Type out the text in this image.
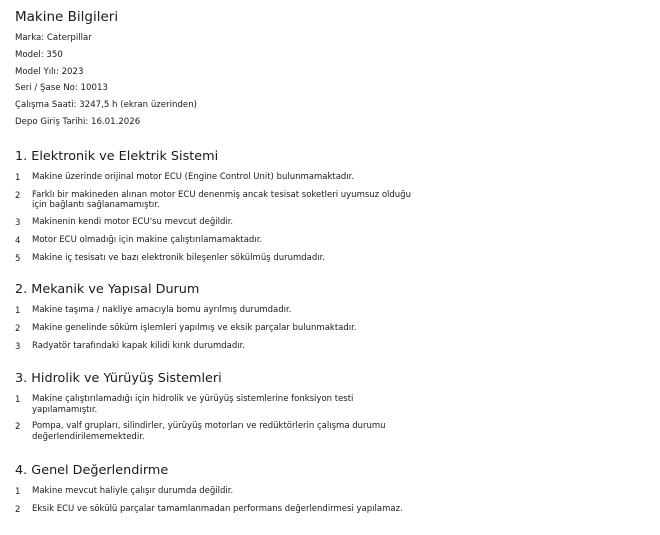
Makine Bilgileri
Marka: Caterpillar
Model: 350
Model Yılı: 2023
Seri / Şase No: 10013
Çalışma Saati: 3247,5 h (ekran üzerinden)
Depo Giriş Tarihi: 16.01.2026
1. Elektronik ve Elektrik Sistemi
1	Makine üzerinde orijinal motor ECU (Engine Control Unit) bulunmamaktadır.
2	Farklı bir makineden alınan motor ECU denenmiş ancak tesisat soketleri uyumsuz olduğu için bağlantı sağlanamamıştır.
3	Makinenin kendi motor ECU'su mevcut değildir.
4	Motor ECU olmadığı için makine çalıştırılamamaktadır.
5	Makine iç tesisatı ve bazı elektronik bileşenler sökülmüş durumdadır.
2. Mekanik ve Yapısal Durum
1	Makine taşıma / nakliye amacıyla bomu ayrılmış durumdadır.
2	Makine genelinde söküm işlemleri yapılmış ve eksik parçalar bulunmaktadır.
3	Radyatör tarafındaki kapak kilidi kırık durumdadır.
3. Hidrolik ve Yürüyüş Sistemleri
1	Makine çalıştırılamadığı için hidrolik ve yürüyüş sistemlerine fonksiyon testi yapılamamıştır.
2	Pompa, valf grupları, silindirler, yürüyüş motorları ve redüktörlerin çalışma durumu değerlendirilememektedir.
4. Genel Değerlendirme
1	Makine mevcut haliyle çalışır durumda değildir.
2	Eksik ECU ve sökülü parçalar tamamlanmadan performans değerlendirmesi yapılamaz.
